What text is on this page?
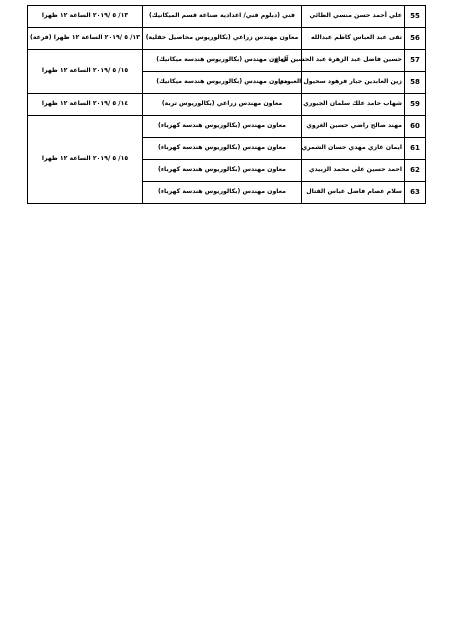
55	علي أحمد حسن منسي الطائي	فني (دبلوم فني/ اعدادية صناعة قسم الميكانيك)	١٣/ ٥ /٢٠١٩ الساعة ١٢ ظهرا
56	تقى عبد العباس كاظم عبدالله	معاون مهندس زراعي (بكالوريوس محاصيل حقلية)	١٣/ ٥ /٢٠١٩ الساعة ١٢ ظهرا (فرعة)
57	حسين فاضل عبد الزهرة عبد الحسين آل خ	معاون مهندس (بكالوريوس هندسة ميكانيك)	١٥/ ٥ /٢٠١٩ الساعة ١٢ ظهرا
58	زين العابدين جبار فرهود سحيول العبودي	معاون مهندس (بكالوريوس هندسة ميكانيك)	
59	شهاب حامد علك سلمان الجبوري	معاون مهندس زراعي (بكالوريوس تربة)	١٤/ ٥ /٢٠١٩ الساعة ١٢ ظهرا
60	مهند صالح راضي حسين الغروي	معاون مهندس (بكالوريوس هندسة كهرباء)	١٥/ ٥ /٢٠١٩ الساعة ١٢ ظهرا
61	ايمان غازي مهدي حسان الشمري	معاون مهندس (بكالوريوس هندسة كهرباء)	
62	احمد حسين علي محمد الزبيدي	معاون مهندس (بكالوريوس هندسة كهرباء)	
63	سلام عصام فاضل عباس الفتال	معاون مهندس (بكالوريوس هندسة كهرباء)	
